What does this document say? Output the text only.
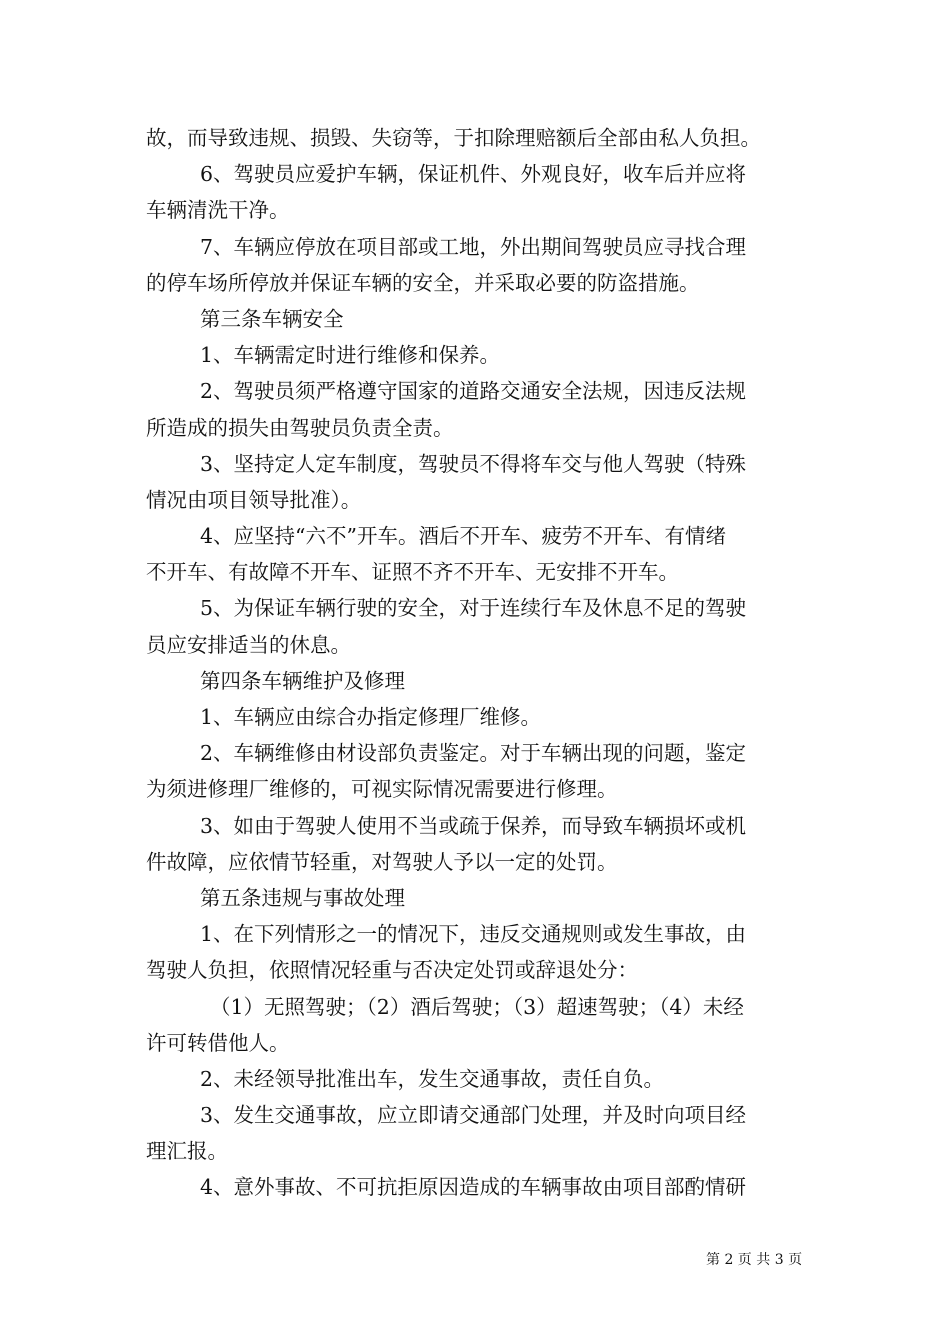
故，而导致违规、损毁、失窃等，于扣除理赔额后全部由私人负担。
6、驾驶员应爱护车辆，保证机件、外观良好，收车后并应将
车辆清洗干净。
7、车辆应停放在项目部或工地，外出期间驾驶员应寻找合理
的停车场所停放并保证车辆的安全，并采取必要的防盗措施。
第三条车辆安全
1、车辆需定时进行维修和保养。
2、驾驶员须严格遵守国家的道路交通安全法规，因违反法规
所造成的损失由驾驶员负责全责。
3、坚持定人定车制度，驾驶员不得将车交与他人驾驶（特殊
情况由项目领导批准）。
4、应坚持“六不”开车。酒后不开车、疲劳不开车、有情绪
不开车、有故障不开车、证照不齐不开车、无安排不开车。
5、为保证车辆行驶的安全，对于连续行车及休息不足的驾驶
员应安排适当的休息。
第四条车辆维护及修理
1、车辆应由综合办指定修理厂维修。
2、车辆维修由材设部负责鉴定。对于车辆出现的问题，鉴定
为须进修理厂维修的，可视实际情况需要进行修理。
3、如由于驾驶人使用不当或疏于保养，而导致车辆损坏或机
件故障，应依情节轻重，对驾驶人予以一定的处罚。
第五条违规与事故处理
1、在下列情形之一的情况下，违反交通规则或发生事故，由
驾驶人负担，依照情况轻重与否决定处罚或辞退处分：
（1）无照驾驶；（2）酒后驾驶；（3）超速驾驶；（4）未经
许可转借他人。
2、未经领导批准出车，发生交通事故，责任自负。
3、发生交通事故，应立即请交通部门处理，并及时向项目经
理汇报。
4、意外事故、不可抗拒原因造成的车辆事故由项目部酌情研
第 2 页 共 3 页
